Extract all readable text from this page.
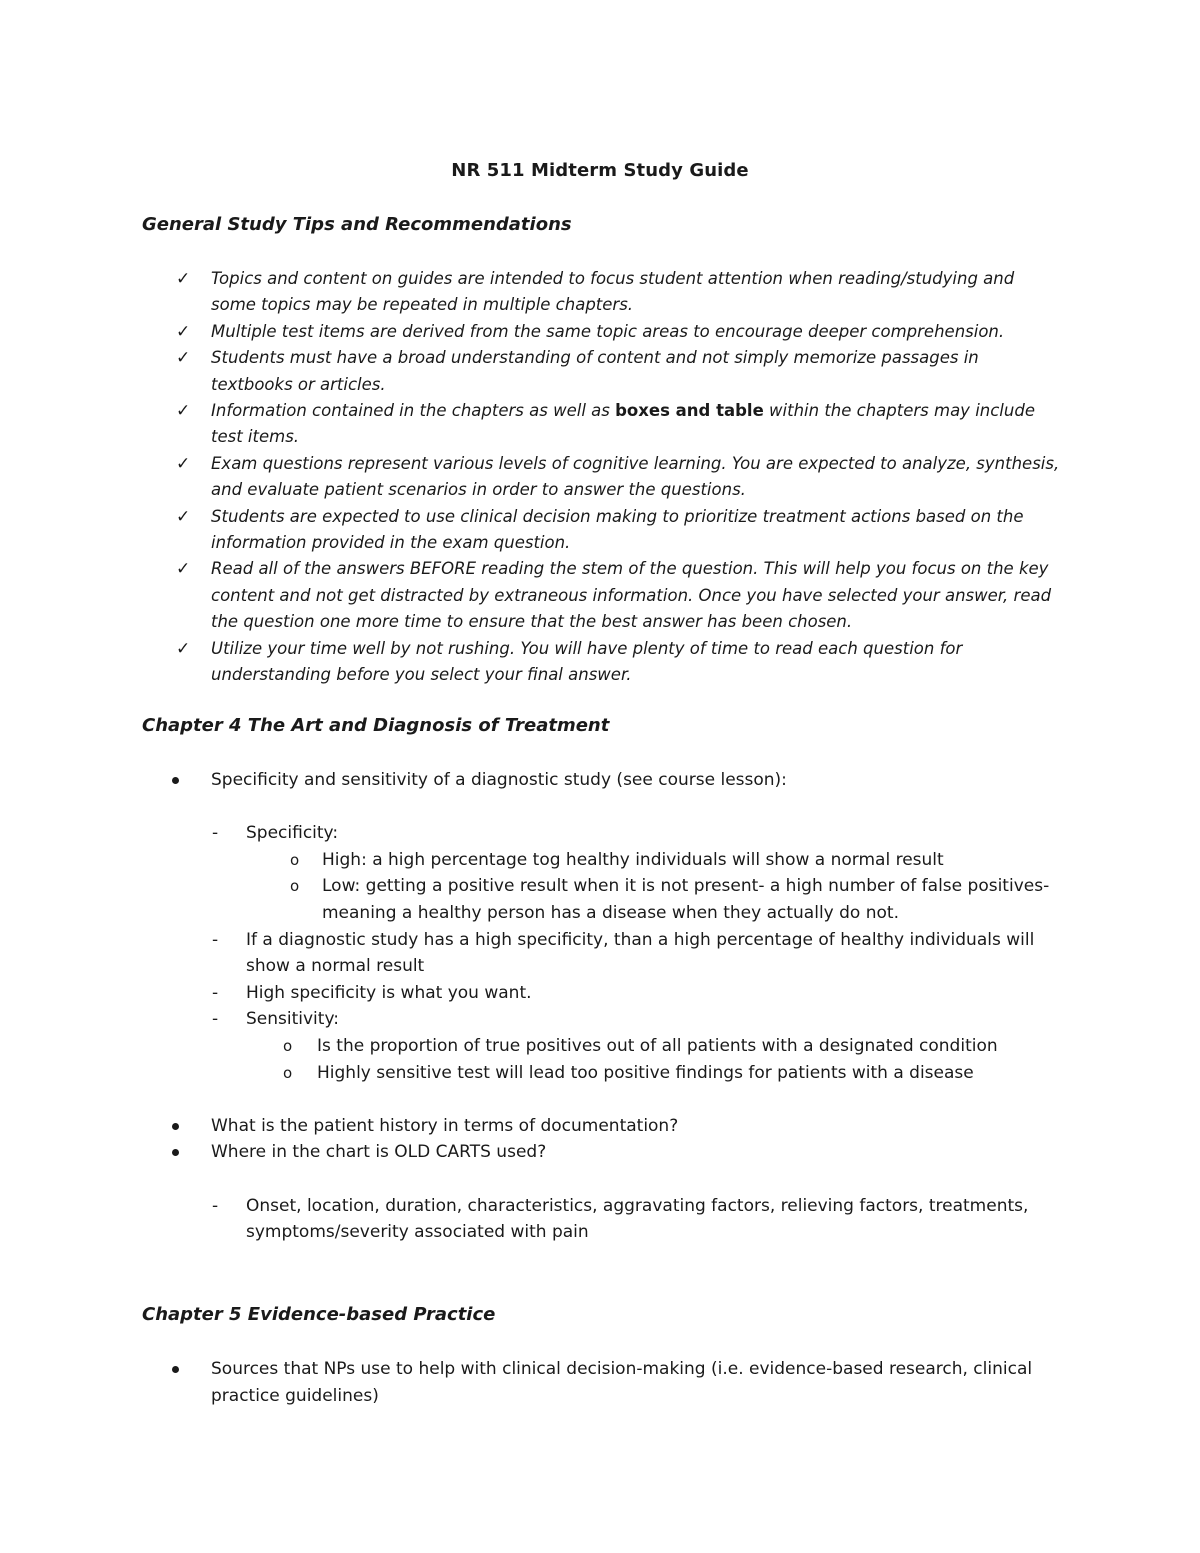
NR 511 Midterm Study Guide
General Study Tips and Recommendations
✓ Topics and content on guides are intended to focus student attention when reading/studying and some topics may be repeated in multiple chapters.
✓ Multiple test items are derived from the same topic areas to encourage deeper comprehension.
✓ Students must have a broad understanding of content and not simply memorize passages in textbooks or articles.
✓ Information contained in the chapters as well as boxes and table within the chapters may include test items.
✓ Exam questions represent various levels of cognitive learning. You are expected to analyze, synthesis, and evaluate patient scenarios in order to answer the questions.
✓ Students are expected to use clinical decision making to prioritize treatment actions based on the information provided in the exam question.
✓ Read all of the answers BEFORE reading the stem of the question. This will help you focus on the key content and not get distracted by extraneous information. Once you have selected your answer, read the question one more time to ensure that the best answer has been chosen.
✓ Utilize your time well by not rushing. You will have plenty of time to read each question for understanding before you select your final answer.
Chapter 4 The Art and Diagnosis of Treatment
Specificity and sensitivity of a diagnostic study (see course lesson):
- Specificity:
o High: a high percentage tog healthy individuals will show a normal result
o Low: getting a positive result when it is not present- a high number of false positives- meaning a healthy person has a disease when they actually do not.
- If a diagnostic study has a high specificity, than a high percentage of healthy individuals will show a normal result
- High specificity is what you want.
- Sensitivity:
o Is the proportion of true positives out of all patients with a designated condition
o Highly sensitive test will lead too positive findings for patients with a disease
What is the patient history in terms of documentation?
Where in the chart is OLD CARTS used?
- Onset, location, duration, characteristics, aggravating factors, relieving factors, treatments, symptoms/severity associated with pain
Chapter 5 Evidence-based Practice
Sources that NPs use to help with clinical decision-making (i.e. evidence-based research, clinical practice guidelines)
